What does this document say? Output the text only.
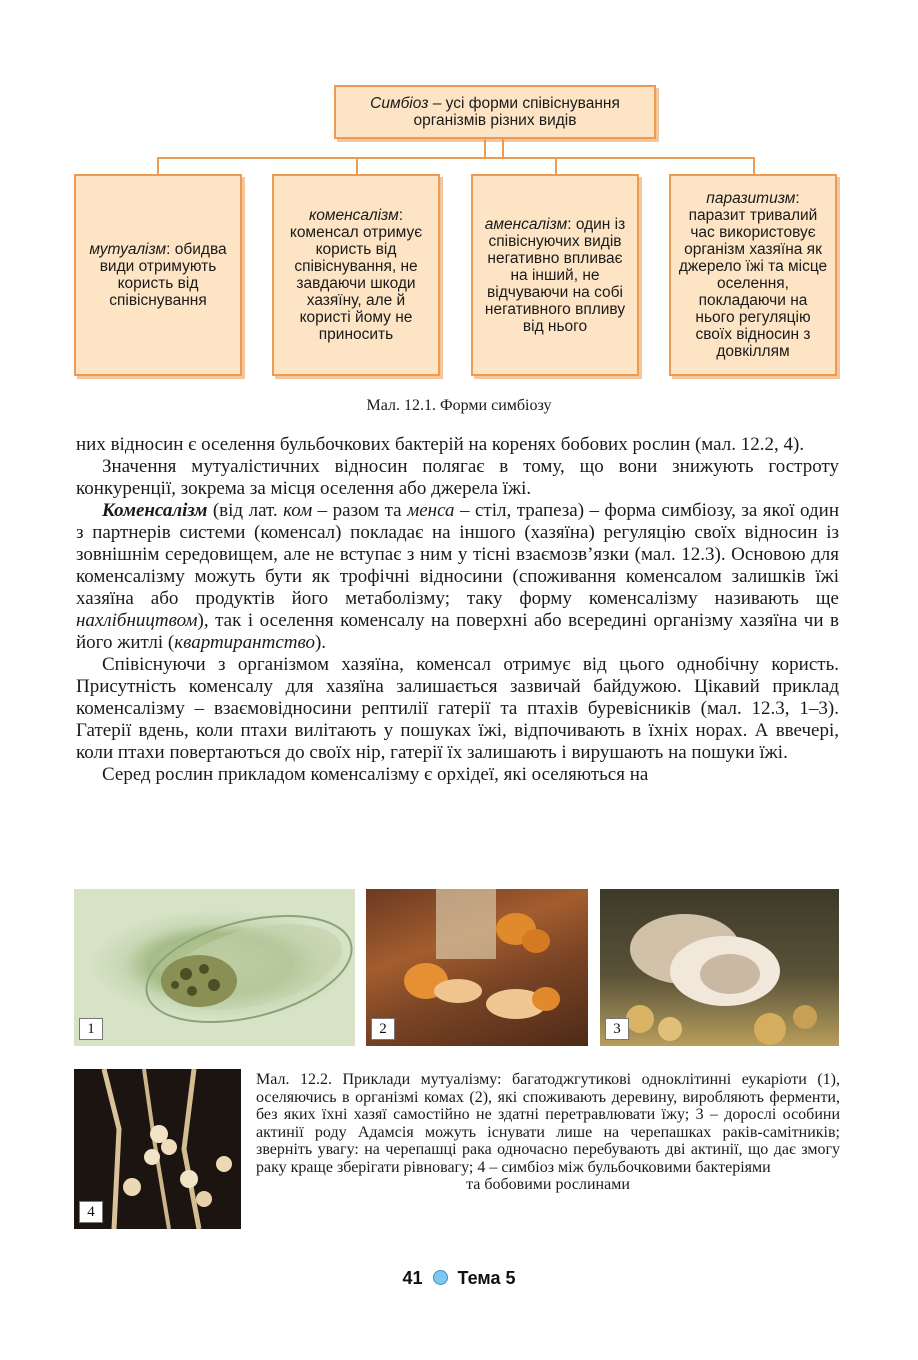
Симбіоз – усі форми співіснування організмів різних видів

мутуалізм: обидва види отримують користь від співіснування

коменсалізм: коменсал отримує користь від співіснування, не завдаючи шкоди хазяїну, але й користі йому не приносить

аменсалізм: один із співіснуючих видів негативно впливає на інший, не відчуваючи на собі негативного впливу від нього

паразитизм: паразит тривалий час використовує організм хазяїна як джерело їжі та місце оселення, покладаючи на нього регуляцію своїх відносин з довкіллям

Мал. 12.1. Форми симбіозу

них відносин є оселення бульбочкових бактерій на коренях бобових рослин (мал. 12.2, 4).

Значення мутуалістичних відносин полягає в тому, що вони знижують гостроту конкуренції, зокрема за місця оселення або джерела їжі.

Коменсалізм (від лат. ком – разом та менса – стіл, трапеза) – форма симбіозу, за якої один з партнерів системи (коменсал) покладає на іншого (хазяїна) регуляцію своїх відносин із зовнішнім середовищем, але не вступає з ним у тісні взаємозв’язки (мал. 12.3). Основою для коменсалізму можуть бути як трофічні відносини (споживання коменсалом залишків їжі хазяїна або продуктів його метаболізму; таку форму коменсалізму називають ще нахлібництвом), так і оселення коменсалу на поверхні або всередині організму хазяїна чи в його житлі (квартирантство).

Співіснуючи з організмом хазяїна, коменсал отримує від цього однобічну користь. Присутність коменсалу для хазяїна залишається зазвичай байдужою. Цікавий приклад коменсалізму – взаємовідносини рептилії гатерії та птахів буревісників (мал. 12.3, 1–3). Гатерії вдень, коли птахи вилітають у пошуках їжі, відпочивають в їхніх норах. А ввечері, коли птахи повертаються до своїх нір, гатерії їх залишають і вирушають на пошуки їжі.

Серед рослин прикладом коменсалізму є орхідеї, які оселяються на

1	2	3
4
Мал. 12.2. Приклади мутуалізму: багатоджгутикові одноклітинні еукаріоти (1), оселяючись в організмі комах (2), які споживають деревину, виробляють ферменти, без яких їхні хазяї самостійно не здатні перетравлювати їжу; 3 – дорослі особини актинії роду Адамсія можуть існувати лише на черепашках раків-самітників; зверніть увагу: на черепашці рака одночасно перебувають дві актинії, що дає змогу раку краще зберігати рівновагу; 4 – симбіоз між бульбочковими бактеріями
та бобовими рослинами
41 Тема 5
